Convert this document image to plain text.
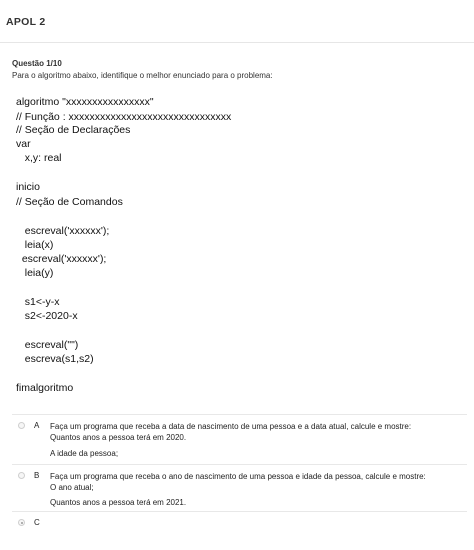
APOL 2
Questão 1/10
Para o algoritmo abaixo, identifique o melhor enunciado para o problema:
algoritmo "xxxxxxxxxxxxxxxx"
// Função : xxxxxxxxxxxxxxxxxxxxxxxxxxxxxxx
// Seção de Declarações
var
x,y: real
inicio
// Seção de Comandos
escreval('xxxxxx');
leia(x)
escreval('xxxxxx');
leia(y)
s1<-y-x
s2<-2020-x
escreval("")
escreva(s1,s2)
fimalgoritmo
A Faça um programa que receba a data de nascimento de uma pessoa e a data atual, calcule e mostre:
Quantos anos a pessoa terá em 2020.
A idade da pessoa;
B Faça um programa que receba o ano de nascimento de uma pessoa e idade da pessoa, calcule e mostre:
O ano atual;
Quantos anos a pessoa terá em 2021.
C
